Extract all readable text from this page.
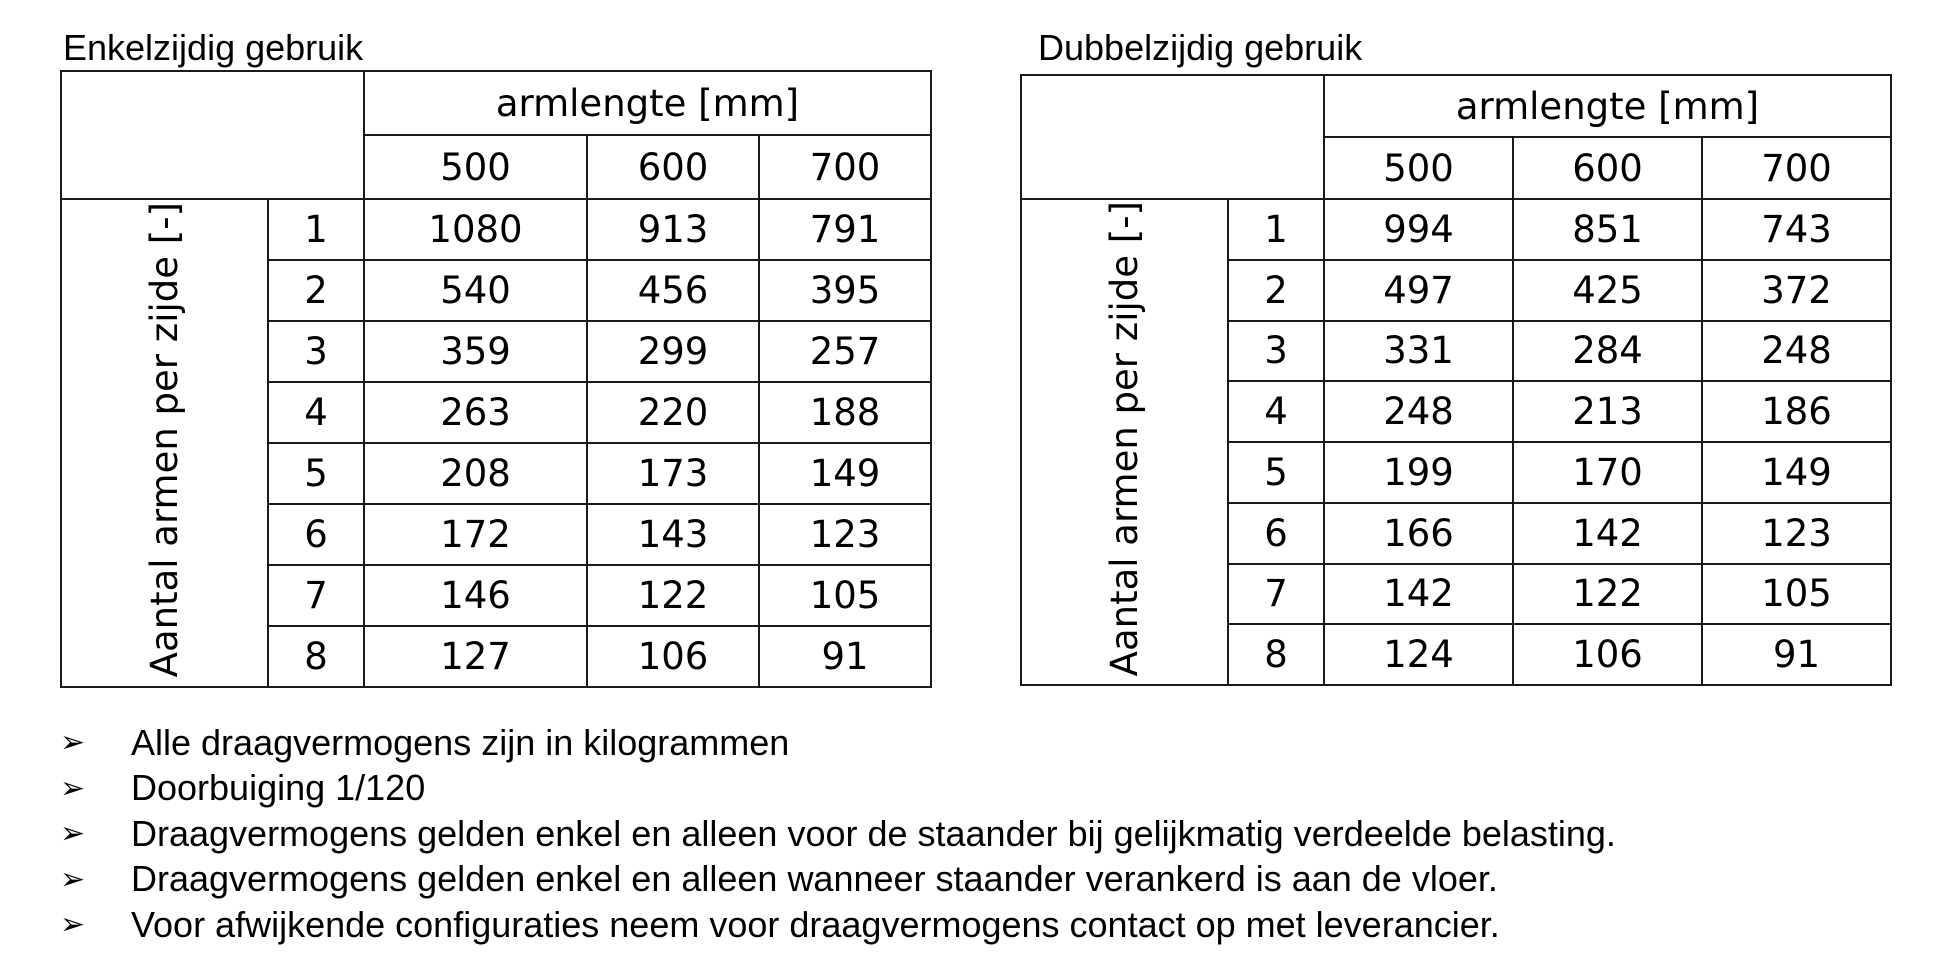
Enkelzijdig gebruik
		armlengte [mm]		
		500	600	700
Aantal armen per zijde [-]	1	1080	913	791
	2	540	456	395
	3	359	299	257
	4	263	220	188
	5	208	173	149
	6	172	143	123
	7	146	122	105
	8	127	106	91
Dubbelzijdig gebruik
		armlengte [mm]		
		500	600	700
Aantal armen per zijde [-]	1	994	851	743
	2	497	425	372
	3	331	284	248
	4	248	213	186
	5	199	170	149
	6	166	142	123
	7	142	122	105
	8	124	106	91
➢	Alle draagvermogens zijn in kilogrammen
➢	Doorbuiging 1/120
➢	Draagvermogens gelden enkel en alleen voor de staander bij gelijkmatig verdeelde belasting.
➢	Draagvermogens gelden enkel en alleen wanneer staander verankerd is aan de vloer.
➢	Voor afwijkende configuraties neem voor draagvermogens contact op met leverancier.
